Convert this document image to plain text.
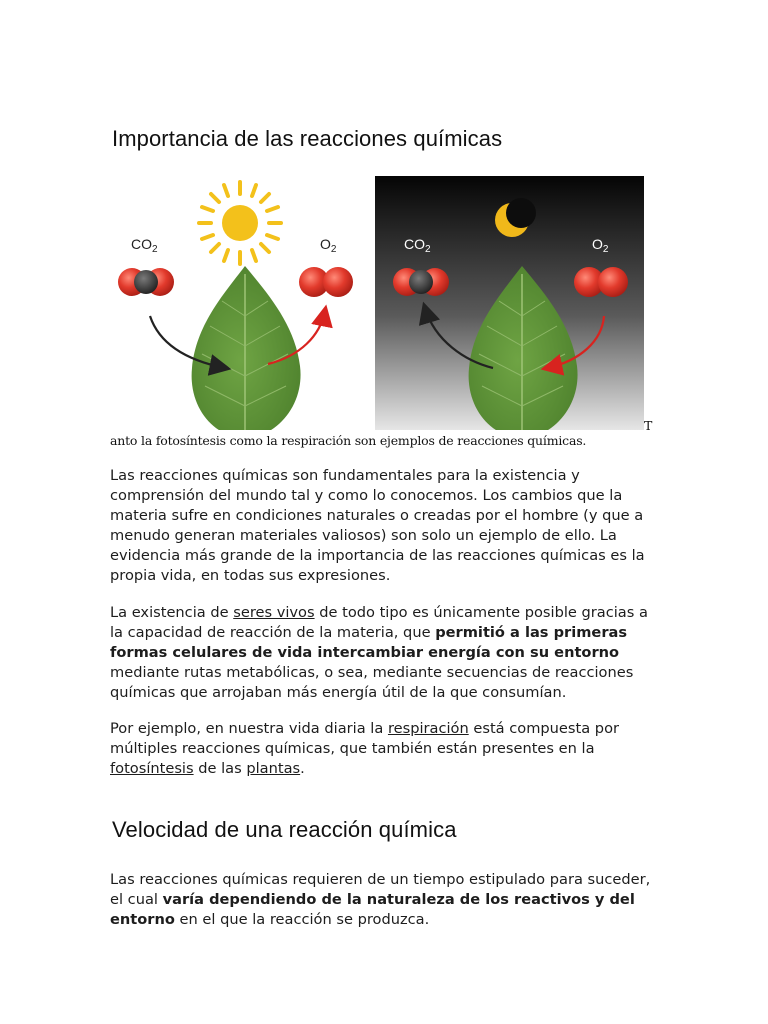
Importancia de las reacciones químicas
$CO_2$	$O_2$	$CO_2$	$O_2$
T
anto la fotosíntesis como la respiración son ejemplos de reacciones químicas.

Las reacciones químicas son fundamentales para la existencia y comprensión del mundo tal y como lo conocemos. Los cambios que la materia sufre en condiciones naturales o creadas por el hombre (y que a menudo generan materiales valiosos) son solo un ejemplo de ello. La evidencia más grande de la importancia de las reacciones químicas es la propia vida, en todas sus expresiones.

La existencia de seres vivos de todo tipo es únicamente posible gracias a la capacidad de reacción de la materia, que permitió a las primeras formas celulares de vida intercambiar energía con su entorno mediante rutas metabólicas, o sea, mediante secuencias de reacciones químicas que arrojaban más energía útil de la que consumían.

Por ejemplo, en nuestra vida diaria la respiración está compuesta por múltiples reacciones químicas, que también están presentes en la fotosíntesis de las plantas.

Velocidad de una reacción química

Las reacciones químicas requieren de un tiempo estipulado para suceder, el cual varía dependiendo de la naturaleza de los reactivos y del entorno en el que la reacción se produzca.
